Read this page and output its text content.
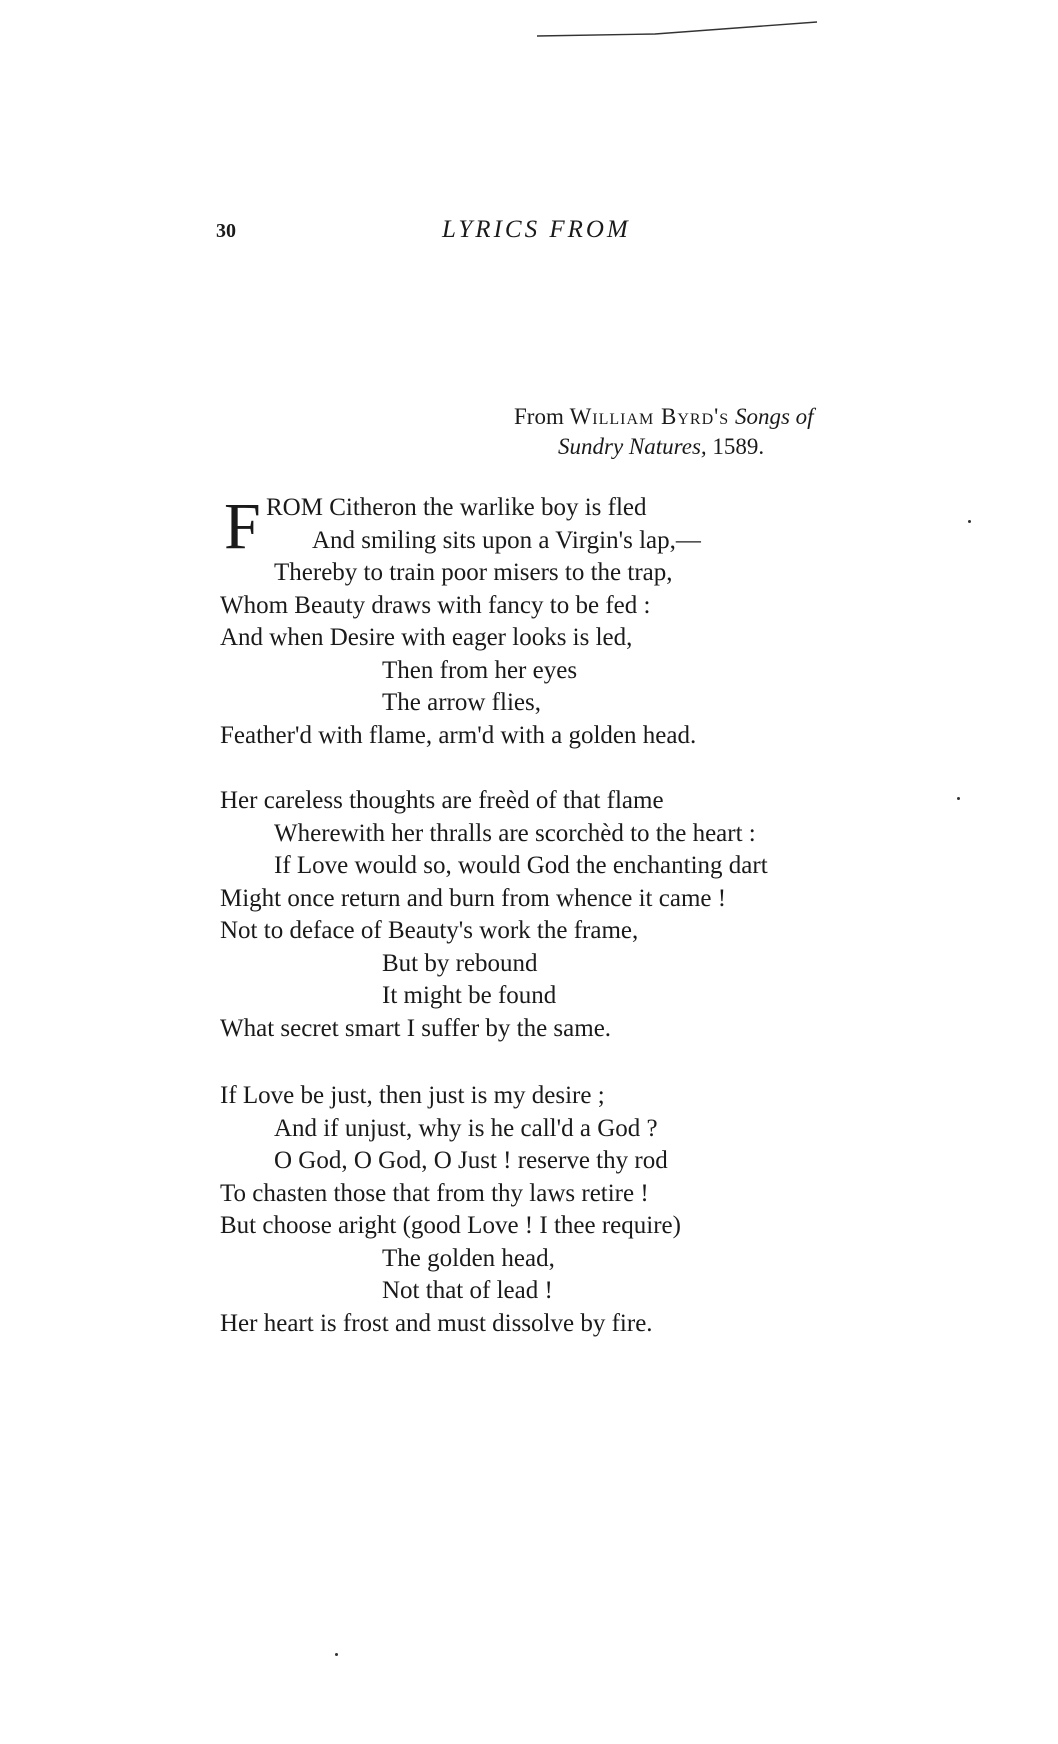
30	LYRICS FROM
From William Byrd's Songs of
Sundry Natures, 1589.
F ROM Citheron the warlike boy is fled
And smiling sits upon a Virgin's lap,—
Thereby to train poor misers to the trap,
Whom Beauty draws with fancy to be fed :
And when Desire with eager looks is led,
Then from her eyes
The arrow flies,
Feather'd with flame, arm'd with a golden head.
Her careless thoughts are freèd of that flame
Wherewith her thralls are scorchèd to the heart :
If Love would so, would God the enchanting dart
Might once return and burn from whence it came !
Not to deface of Beauty's work the frame,
But by rebound
It might be found
What secret smart I suffer by the same.
If Love be just, then just is my desire ;
And if unjust, why is he call'd a God ?
O God, O God, O Just ! reserve thy rod
To chasten those that from thy laws retire !
But choose aright (good Love ! I thee require)
The golden head,
Not that of lead !
Her heart is frost and must dissolve by fire.
